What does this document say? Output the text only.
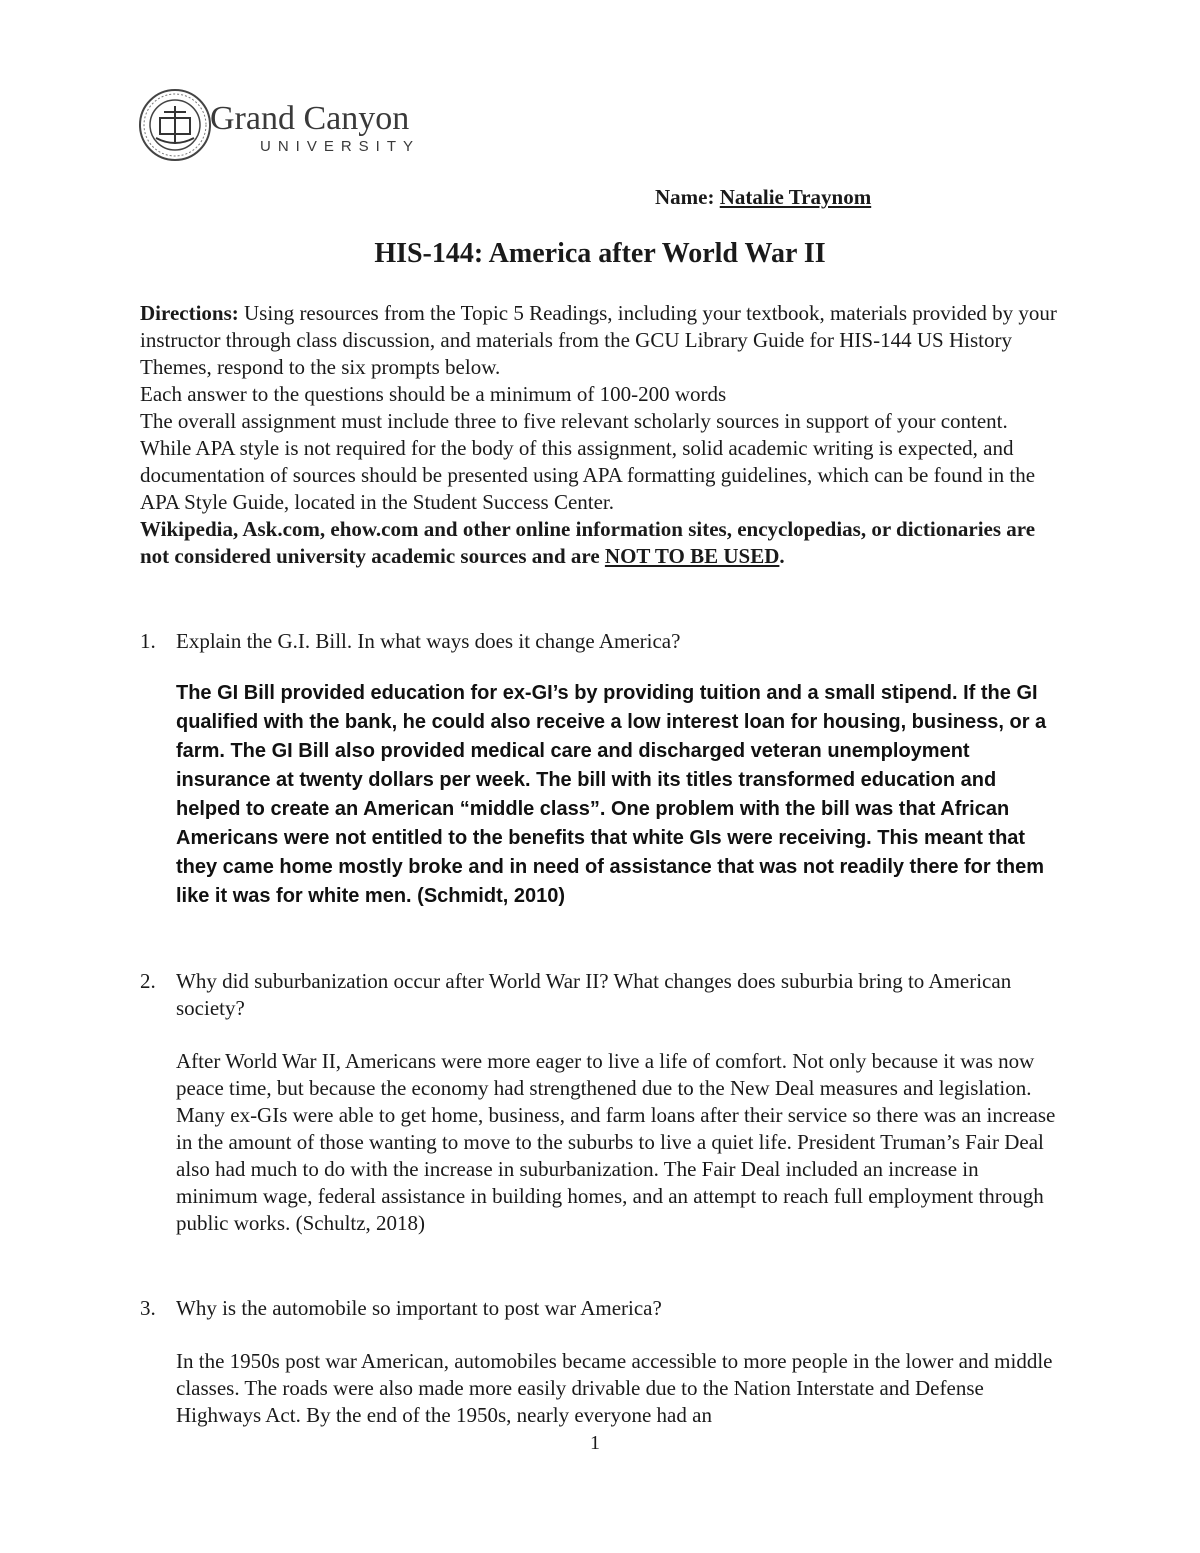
Grand Canyon
UNIVERSITY
Name: Natalie Traynom
HIS-144: America after World War II

Directions: Using resources from the Topic 5 Readings, including your textbook, materials provided by your instructor through class discussion, and materials from the GCU Library Guide for HIS-144 US History Themes, respond to the six prompts below.

Each answer to the questions should be a minimum of 100-200 words

The overall assignment must include three to five relevant scholarly sources in support of your content.

While APA style is not required for the body of this assignment, solid academic writing is expected, and documentation of sources should be presented using APA formatting guidelines, which can be found in the APA Style Guide, located in the Student Success Center.

Wikipedia, Ask.com, ehow.com and other online information sites, encyclopedias, or dictionaries are not considered university academic sources and are NOT TO BE USED.

1. Explain the G.I. Bill. In what ways does it change America?
The GI Bill provided education for ex-GI’s by providing tuition and a small stipend. If the GI qualified with the bank, he could also receive a low interest loan for housing, business, or a farm. The GI Bill also provided medical care and discharged veteran unemployment insurance at twenty dollars per week. The bill with its titles transformed education and helped to create an American “middle class”. One problem with the bill was that African Americans were not entitled to the benefits that white GIs were receiving. This meant that they came home mostly broke and in need of assistance that was not readily there for them like it was for white men. (Schmidt, 2010)
2. Why did suburbanization occur after World War II? What changes does suburbia bring to American society?
After World War II, Americans were more eager to live a life of comfort. Not only because it was now peace time, but because the economy had strengthened due to the New Deal measures and legislation. Many ex-GIs were able to get home, business, and farm loans after their service so there was an increase in the amount of those wanting to move to the suburbs to live a quiet life. President Truman’s Fair Deal also had much to do with the increase in suburbanization. The Fair Deal included an increase in minimum wage, federal assistance in building homes, and an attempt to reach full employment through public works. (Schultz, 2018)
3. Why is the automobile so important to post war America?
In the 1950s post war American, automobiles became accessible to more people in the lower and middle classes. The roads were also made more easily drivable due to the Nation Interstate and Defense Highways Act. By the end of the 1950s, nearly everyone had an
1
